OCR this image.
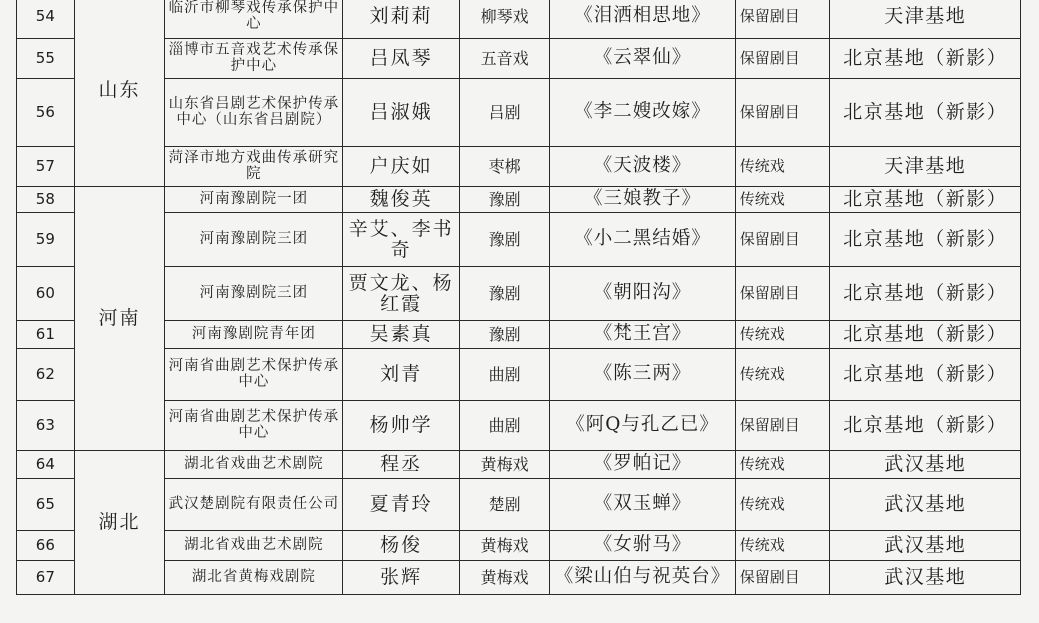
54	山东	临沂市柳琴戏传承保护中心	刘莉莉	柳琴戏	《泪洒相思地》	保留剧目	天津基地
55		淄博市五音戏艺术传承保护中心	吕凤琴	五音戏	《云翠仙》	保留剧目	北京基地（新影）
56		山东省吕剧艺术保护传承中心（山东省吕剧院）	吕淑娥	吕剧	《李二嫂改嫁》	保留剧目	北京基地（新影）
57		菏泽市地方戏曲传承研究院	户庆如	枣梆	《天波楼》	传统戏	天津基地
58	河南	河南豫剧院一团	魏俊英	豫剧	《三娘教子》	传统戏	北京基地（新影）
59		河南豫剧院三团	辛艾、李书奇	豫剧	《小二黑结婚》	保留剧目	北京基地（新影）
60		河南豫剧院三团	贾文龙、杨红霞	豫剧	《朝阳沟》	保留剧目	北京基地（新影）
61		河南豫剧院青年团	吴素真	豫剧	《梵王宫》	传统戏	北京基地（新影）
62		河南省曲剧艺术保护传承中心	刘青	曲剧	《陈三两》	传统戏	北京基地（新影）
63		河南省曲剧艺术保护传承中心	杨帅学	曲剧	《阿Q与孔乙已》	保留剧目	北京基地（新影）
64	湖北	湖北省戏曲艺术剧院	程丞	黄梅戏	《罗帕记》	传统戏	武汉基地
65		武汉楚剧院有限责任公司	夏青玲	楚剧	《双玉蝉》	传统戏	武汉基地
66		湖北省戏曲艺术剧院	杨俊	黄梅戏	《女驸马》	传统戏	武汉基地
67		湖北省黄梅戏剧院	张辉	黄梅戏	《梁山伯与祝英台》	保留剧目	武汉基地
